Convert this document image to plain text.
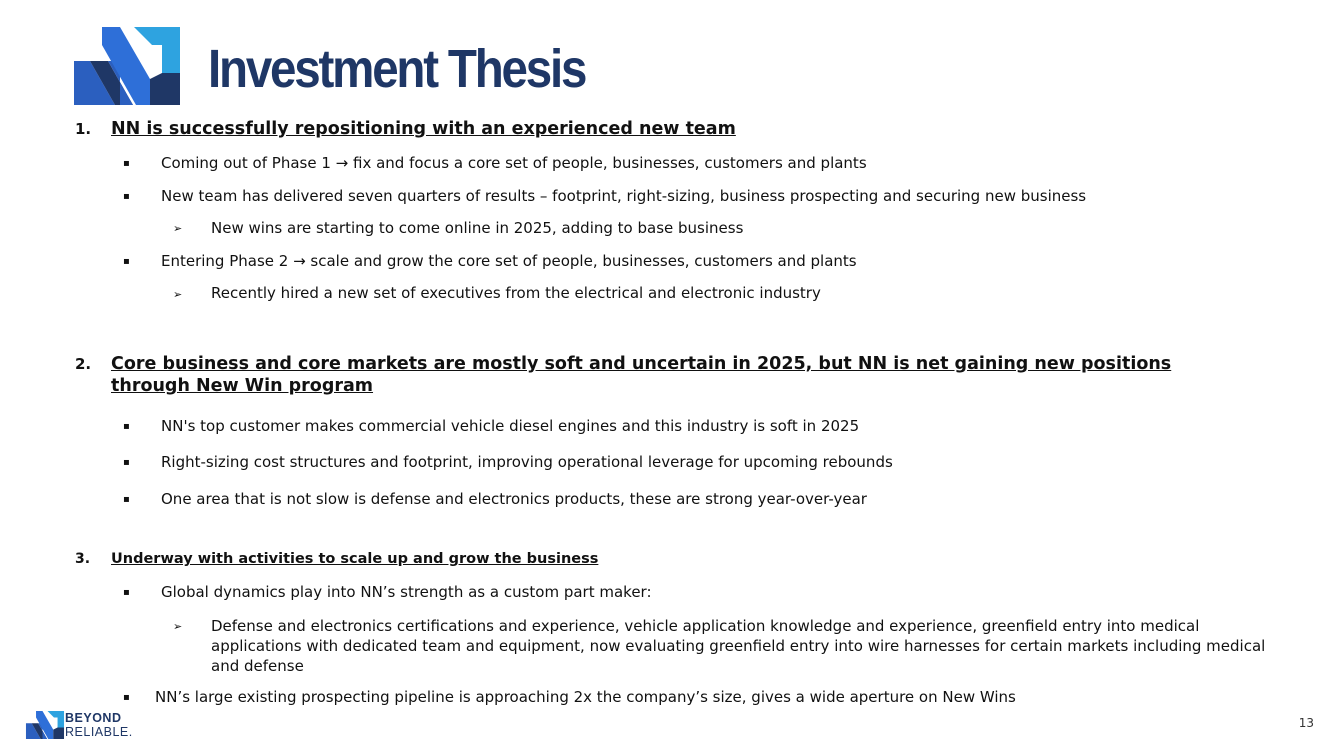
Investment Thesis
1. NN is successfully repositioning with an experienced new team
▪ Coming out of Phase 1 → fix and focus a core set of people, businesses, customers and plants
▪ New team has delivered seven quarters of results – footprint, right-sizing, business prospecting and securing new business
➢ New wins are starting to come online in 2025, adding to base business
▪ Entering Phase 2 → scale and grow the core set of people, businesses, customers and plants
➢ Recently hired a new set of executives from the electrical and electronic industry
2. Core business and core markets are mostly soft and uncertain in 2025, but NN is net gaining new positions through New Win program
▪ NN's top customer makes commercial vehicle diesel engines and this industry is soft in 2025
▪ Right-sizing cost structures and footprint, improving operational leverage for upcoming rebounds
▪ One area that is not slow is defense and electronics products, these are strong year-over-year
3. Underway with activities to scale up and grow the business
▪ Global dynamics play into NN’s strength as a custom part maker:
➢ Defense and electronics certifications and experience, vehicle application knowledge and experience, greenfield entry into medical applications with dedicated team and equipment, now evaluating greenfield entry into wire harnesses for certain markets including medical and defense
▪ NN’s large existing prospecting pipeline is approaching 2x the company’s size, gives a wide aperture on New Wins
BEYOND
RELIABLE.
13
